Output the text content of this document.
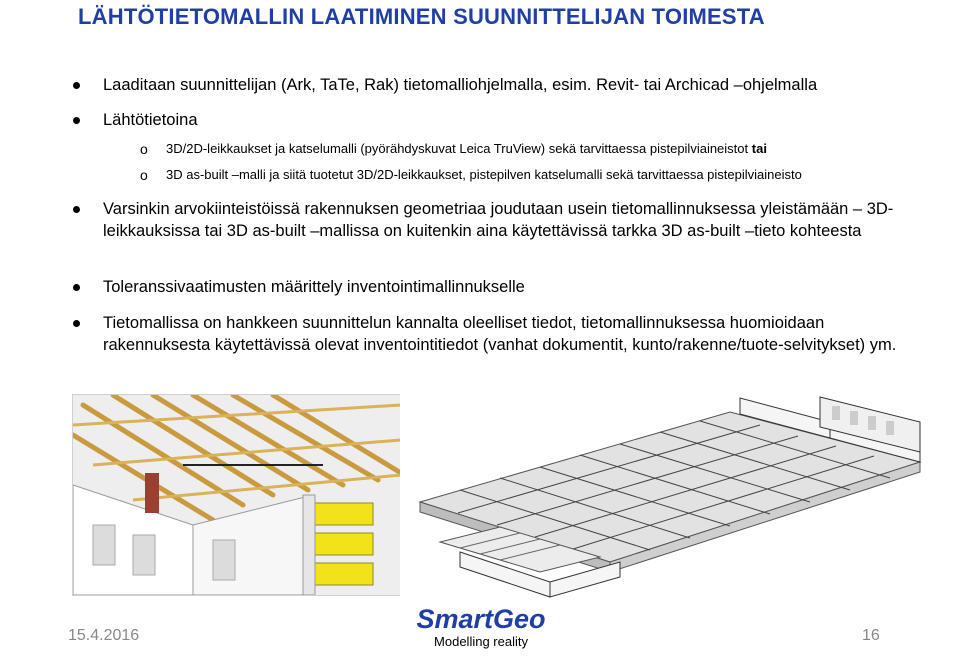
LÄHTÖTIETOMALLIN LAATIMINEN SUUNNITTELIJAN TOIMESTA
Laaditaan suunnittelijan (Ark, TaTe, Rak) tietomalliohjelmalla, esim. Revit- tai Archicad –ohjelmalla
Lähtötietoina
o 3D/2D-leikkaukset ja katselumalli (pyörähdyskuvat Leica TruView) sekä tarvittaessa pistepilviaineistot tai
o 3D as-built –malli ja siitä tuotetut 3D/2D-leikkaukset, pistepilven katselumalli sekä tarvittaessa pistepilviaineisto
Varsinkin arvokiinteistöissä rakennuksen geometriaa joudutaan usein tietomallinnuksessa yleistämään – 3D-leikkauksissa tai 3D as-built –mallissa on kuitenkin aina käytettävissä tarkka 3D as-built –tieto kohteesta
Toleranssivaatimusten määrittely inventointimallinnukselle
Tietomallissa on hankkeen suunnittelun kannalta oleelliset tiedot, tietomallinnuksessa huomioidaan rakennuksesta käytettävissä olevat inventointitiedot (vanhat dokumentit, kunto/rakenne/tuote-selvitykset) ym.
15.4.2016
SmartGeo
Modelling reality	16
